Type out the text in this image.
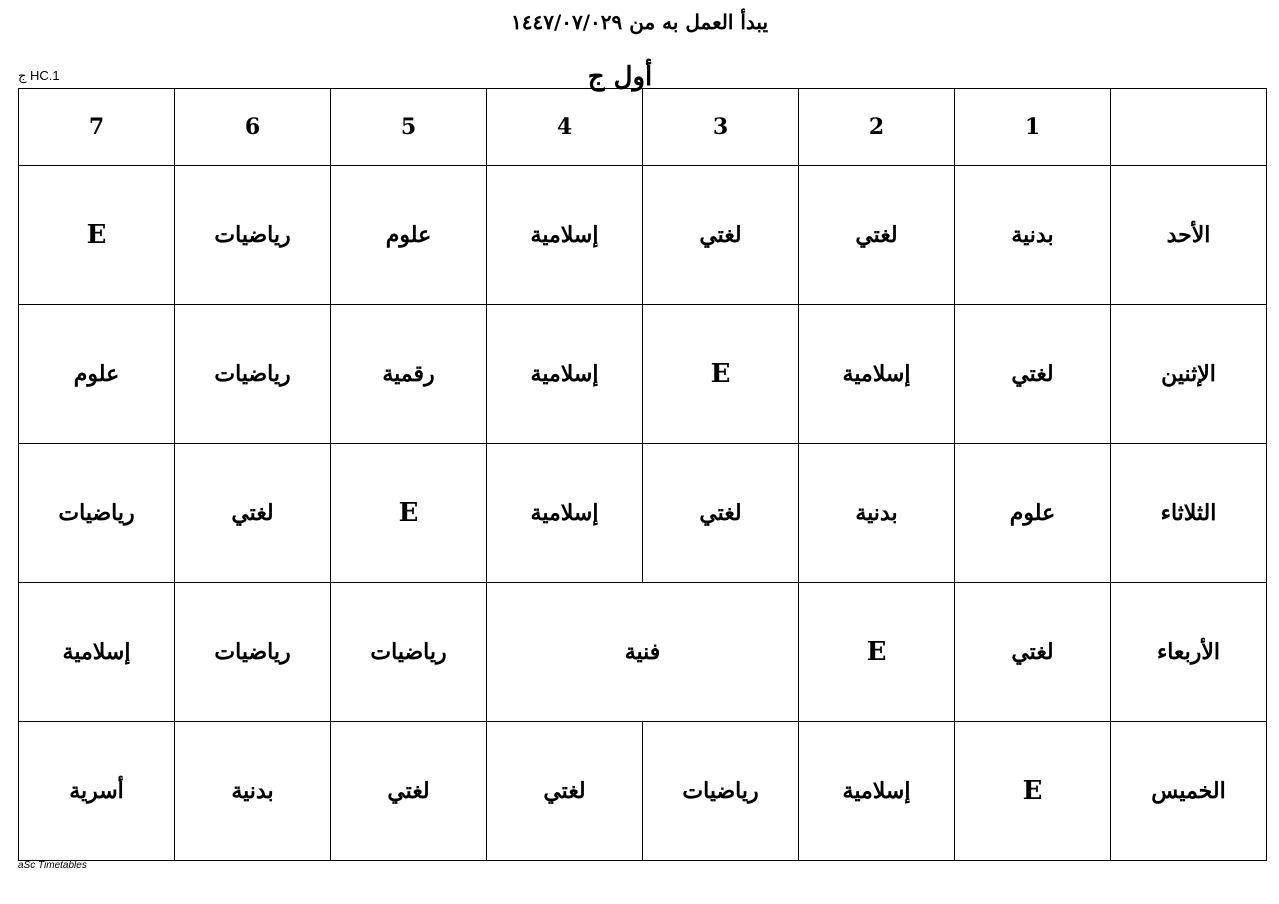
يبدأ العمل به من ١٤٤٧/٠٧/٠٢٩
ج HC.1	أول ج
	1	2	3	4	5	6	7
الأحد	بدنية	لغتي	لغتي	إسلامية	علوم	رياضيات	E
الإثنين	لغتي	إسلامية	E	إسلامية	رقمية	رياضيات	علوم
الثلاثاء	علوم	بدنية	لغتي	إسلامية	E	لغتي	رياضيات
الأربعاء	لغتي	E	فنية		رياضيات	رياضيات	إسلامية
الخميس	E	إسلامية	رياضيات	لغتي	لغتي	بدنية	أسرية
aSc Timetables
